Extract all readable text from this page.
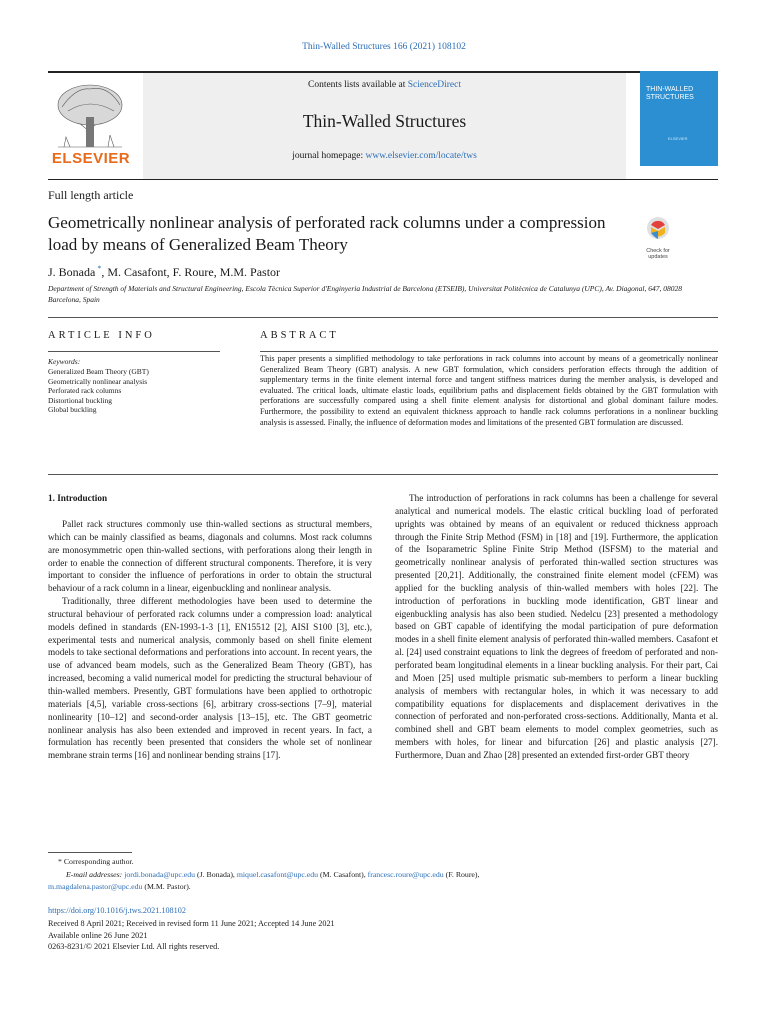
Thin-Walled Structures 166 (2021) 108102
ELSEVIER
Contents lists available at ScienceDirect
Thin-Walled Structures
journal homepage: www.elsevier.com/locate/tws
THIN-WALLED STRUCTURES
ELSEVIER
Full length article
Geometrically nonlinear analysis of perforated rack columns under a compression load by means of Generalized Beam Theory	Check for updates
J. Bonada *, M. Casafont, F. Roure, M.M. Pastor
Department of Strength of Materials and Structural Engineering, Escola Tècnica Superior d'Enginyeria Industrial de Barcelona (ETSEIB), Universitat Politècnica de Catalunya (UPC), Av. Diagonal, 647, 08028 Barcelona, Spain
ARTICLE INFO
Keywords:
Generalized Beam Theory (GBT)
Geometrically nonlinear analysis
Perforated rack columns
Distortional buckling
Global buckling
ABSTRACT
This paper presents a simplified methodology to take perforations in rack columns into account by means of a geometrically nonlinear Generalized Beam Theory (GBT) analysis. A new GBT formulation, which considers perforation effects through the addition of supplementary terms in the finite element internal force and tangent stiffness matrices during the member analysis, is developed and evaluated. The critical loads, ultimate elastic loads, equilibrium paths and displacement fields obtained by the GBT formulation with perforations are successfully compared using a shell finite element analysis for distortional and global dominant failure modes. Furthermore, the possibility to extend an equivalent thickness approach to handle rack columns perforations in a nonlinear buckling analysis is assessed. Finally, the influence of deformation modes and limitations of the presented GBT formulation are discussed.
1. Introduction

Pallet rack structures commonly use thin-walled sections as structural members, which can be mainly classified as beams, diagonals and columns. Most rack columns are monosymmetric open thin-walled sections, with perforations along their length in order to enable the connection of different structural components. Therefore, it is very important to consider the influence of perforations in order to obtain the structural behaviour of a rack column in a linear, eigenbuckling and nonlinear analysis.

Traditionally, three different methodologies have been used to determine the structural behaviour of perforated rack columns under a compression load: analytical models defined in standards (EN-1993-1-3 [1], EN15512 [2], AISI S100 [3], etc.), experimental tests and numerical analysis, commonly based on shell finite element models to take sectional deformations and perforations into account. In recent years, the use of advanced beam models, such as the Generalized Beam Theory (GBT), has increased, becoming a valid numerical model for predicting the structural behaviour of thin-walled members. Presently, GBT formulations have been applied to orthotropic materials [4,5], variable cross-sections [6], arbitrary cross-sections [7–9], material nonlinearity [10–12] and second-order analysis [13–15], etc. The GBT geometric nonlinear analysis has also been extended and improved in recent years. In fact, a formulation has recently been presented that considers the whole set of nonlinear membrane strain terms [16] and nonlinear bending strains [17].

The introduction of perforations in rack columns has been a challenge for several analytical and numerical models. The elastic critical buckling load of perforated uprights was obtained by means of an equivalent or reduced thickness approach through the Finite Strip Method (FSM) in [18] and [19]. Furthermore, the application of the Isoparametric Spline Finite Strip Method (ISFSM) to the material and geometrically nonlinear analysis of perforated thin-walled section structures was presented [20,21]. Additionally, the constrained finite element model (cFEM) was applied for the buckling analysis of thin-walled members with holes [22]. The introduction of perforations in buckling mode identification, GBT linear and eigenbuckling analysis has also been studied. Nedelcu [23] presented a methodology based on GBT capable of identifying the modal participation of pure deformation modes in a shell finite element analysis of perforated thin-walled members. Casafont et al. [24] used constraint equations to link the degrees of freedom of perforated and non-perforated beam longitudinal elements in a linear buckling analysis. For their part, Cai and Moen [25] used multiple prismatic sub-members to perform a linear buckling analysis of members with rectangular holes, in which it was necessary to add compatibility equations for displacements and displacement derivatives in the connection of perforated and non-perforated cross-sections. Additionally, Manta et al. combined shell and GBT beam elements to model complex geometries, such as members with holes, for linear and bifurcation [26] and plastic analysis [27]. Furthermore, Duan and Zhao [28] presented an extended first-order GBT theory

* Corresponding author.
E-mail addresses: jordi.bonada@upc.edu (J. Bonada), miquel.casafont@upc.edu (M. Casafont), francesc.roure@upc.edu (F. Roure),
m.magdalena.pastor@upc.edu (M.M. Pastor).
https://doi.org/10.1016/j.tws.2021.108102
Received 8 April 2021; Received in revised form 11 June 2021; Accepted 14 June 2021
Available online 26 June 2021
0263-8231/© 2021 Elsevier Ltd. All rights reserved.
